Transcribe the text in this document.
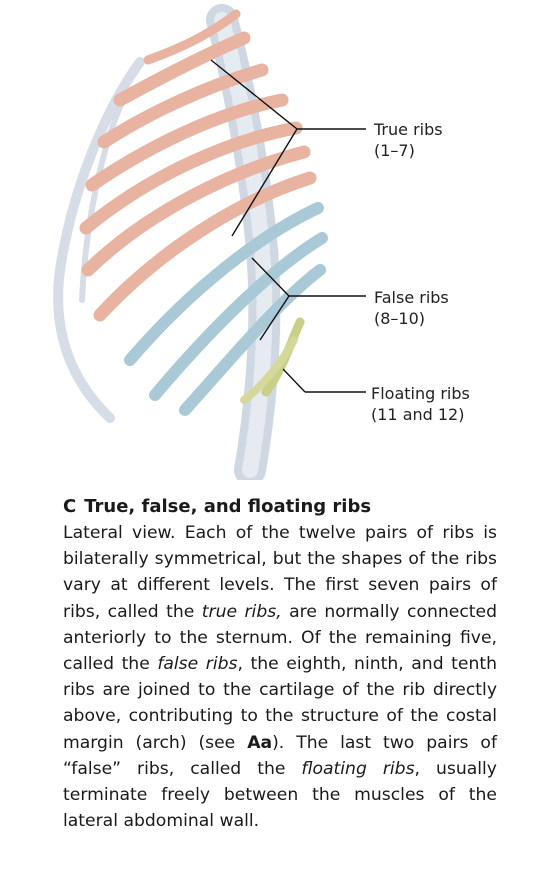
True ribs
(1–7)
False ribs
(8–10)
Floating ribs
(11 and 12)
C True, false, and floating ribs

Lateral view. Each of the twelve pairs of ribs is bilaterally symmetrical, but the shapes of the ribs vary at different levels. The first seven pairs of ribs, called the true ribs, are normally connected anteriorly to the sternum. Of the remaining five, called the false ribs, the eighth, ninth, and tenth ribs are joined to the cartilage of the rib directly above, contributing to the structure of the costal margin (arch) (see Aa). The last two pairs of “false” ribs, called the floating ribs, usually terminate freely between the muscles of the lateral abdominal wall.
